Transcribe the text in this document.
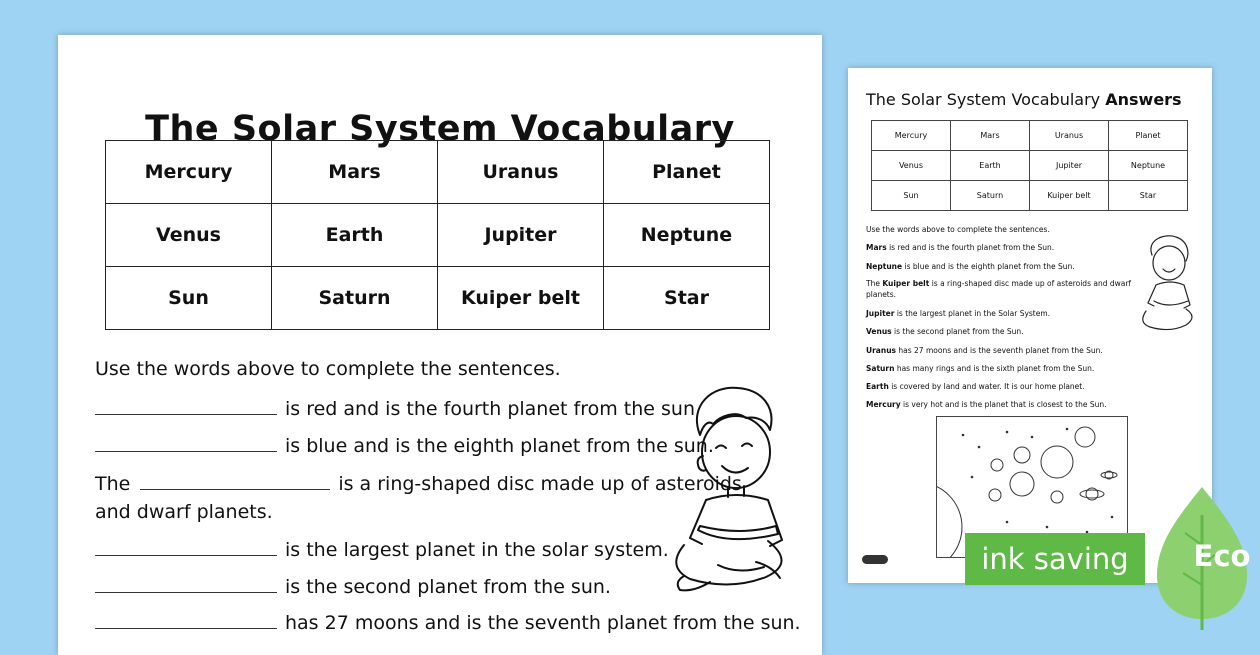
The Solar System Vocabulary
Mercury	Mars	Uranus	Planet
Venus	Earth	Jupiter	Neptune
Sun	Saturn	Kuiper belt	Star
Use the words above to complete the sentences.
is red and is the fourth planet from the sun
is blue and is the eighth planet from the sun.
The	is a ring-shaped disc made up of asteroids
and dwarf planets.
is the largest planet in the solar system.
is the second planet from the sun.
has 27 moons and is the seventh planet from the sun.
The Solar System Vocabulary Answers
Mercury	Mars	Uranus	Planet
Venus	Earth	Jupiter	Neptune
Sun	Saturn	Kuiper belt	Star
Use the words above to complete the sentences.
Mars is red and is the fourth planet from the Sun.
Neptune is blue and is the eighth planet from the Sun.
The Kuiper belt is a ring-shaped disc made up of asteroids and dwarf planets.
Jupiter is the largest planet in the Solar System.
Venus is the second planet from the Sun.
Uranus has 27 moons and is the seventh planet from the Sun.
Saturn has many rings and is the sixth planet from the Sun.
Earth is covered by land and water. It is our home planet.
Mercury is very hot and is the planet that is closest to the Sun.
ink saving	Eco
